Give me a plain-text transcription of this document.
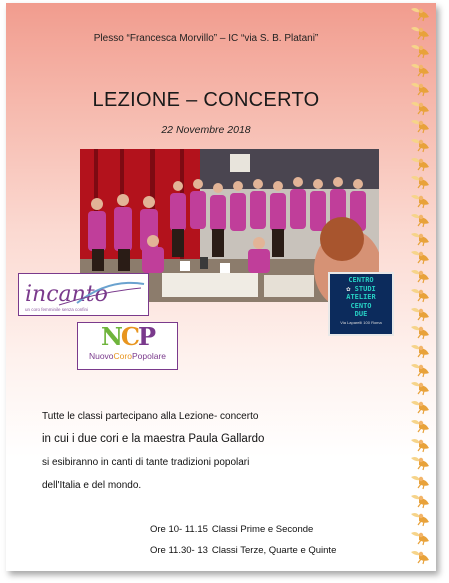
Plesso “Francesca Morvillo” – IC “via S. B. Platani”
LEZIONE – CONCERTO
22 Novembre 2018
incanto
un coro femminile senza confini
CENTRO
✿ STUDI
ATELIER
CENTO
DUE
Via Laparelli 100 Roma
NCP
NuovoCoroPopolare
Tutte le classi partecipano alla Lezione- concerto
in cui i due cori e la maestra Paula Gallardo
si esibiranno in canti di tante tradizioni popolari
dell'Italia e del mondo.
Ore 10- 11.15 Classi Prime e Seconde
Ore 11.30- 13 Classi Terze, Quarte e Quinte
